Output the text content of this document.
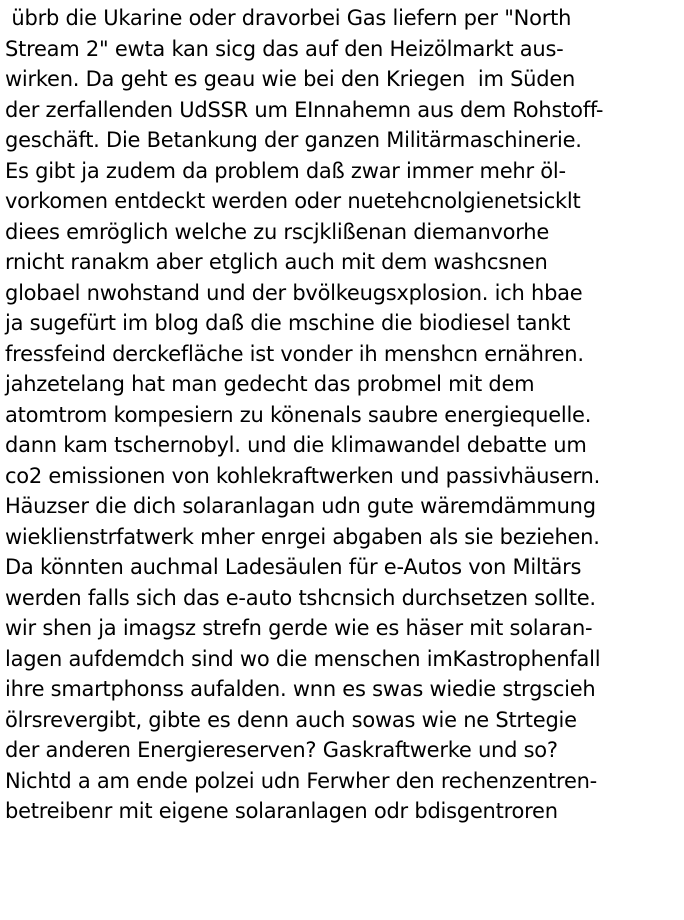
übrb die Ukarine oder dravorbei Gas liefern per "North
Stream 2" ewta kan sicg das auf den Heizölmarkt aus-
wirken. Da geht es geau wie bei den Kriegen  im Süden
der zerfallenden UdSSR um EInnahemn aus dem Rohstoff-
geschäft. Die Betankung der ganzen Militärmaschinerie.
Es gibt ja zudem da problem daß zwar immer mehr öl-
vorkomen entdeckt werden oder nuetehcnolgienetsicklt
diees emröglich welche zu rscjklißenan diemanvorhe
rnicht ranakm aber etglich auch mit dem washcsnen
globael nwohstand und der bvölkeugsxplosion. ich hbae
ja sugefürt im blog daß die mschine die biodiesel tankt
fressfeind derckefläche ist vonder ih menshcn ernähren.
jahzetelang hat man gedecht das probmel mit dem
atomtrom kompesiern zu könenals saubre energiequelle.
dann kam tschernobyl. und die klimawandel debatte um
co2 emissionen von kohlekraftwerken und passivhäusern.
Häuzser die dich solaranlagan udn gute wäremdämmung
wieklienstrfatwerk mher enrgei abgaben als sie beziehen.
Da könnten auchmal Ladesäulen für e-Autos von Miltärs
werden falls sich das e-auto tshcnsich durchsetzen sollte.
wir shen ja imagsz strefn gerde wie es häser mit solaran-
lagen aufdemdch sind wo die menschen imKastrophenfall
ihre smartphonss aufalden. wnn es swas wiedie strgscieh
ölrsrevergibt, gibte es denn auch sowas wie ne Strtegie
der anderen Energiereserven? Gaskraftwerke und so?
Nichtd a am ende polzei udn Ferwher den rechenzentren-
betreibenr mit eigene solaranlagen odr bdisgentroren
